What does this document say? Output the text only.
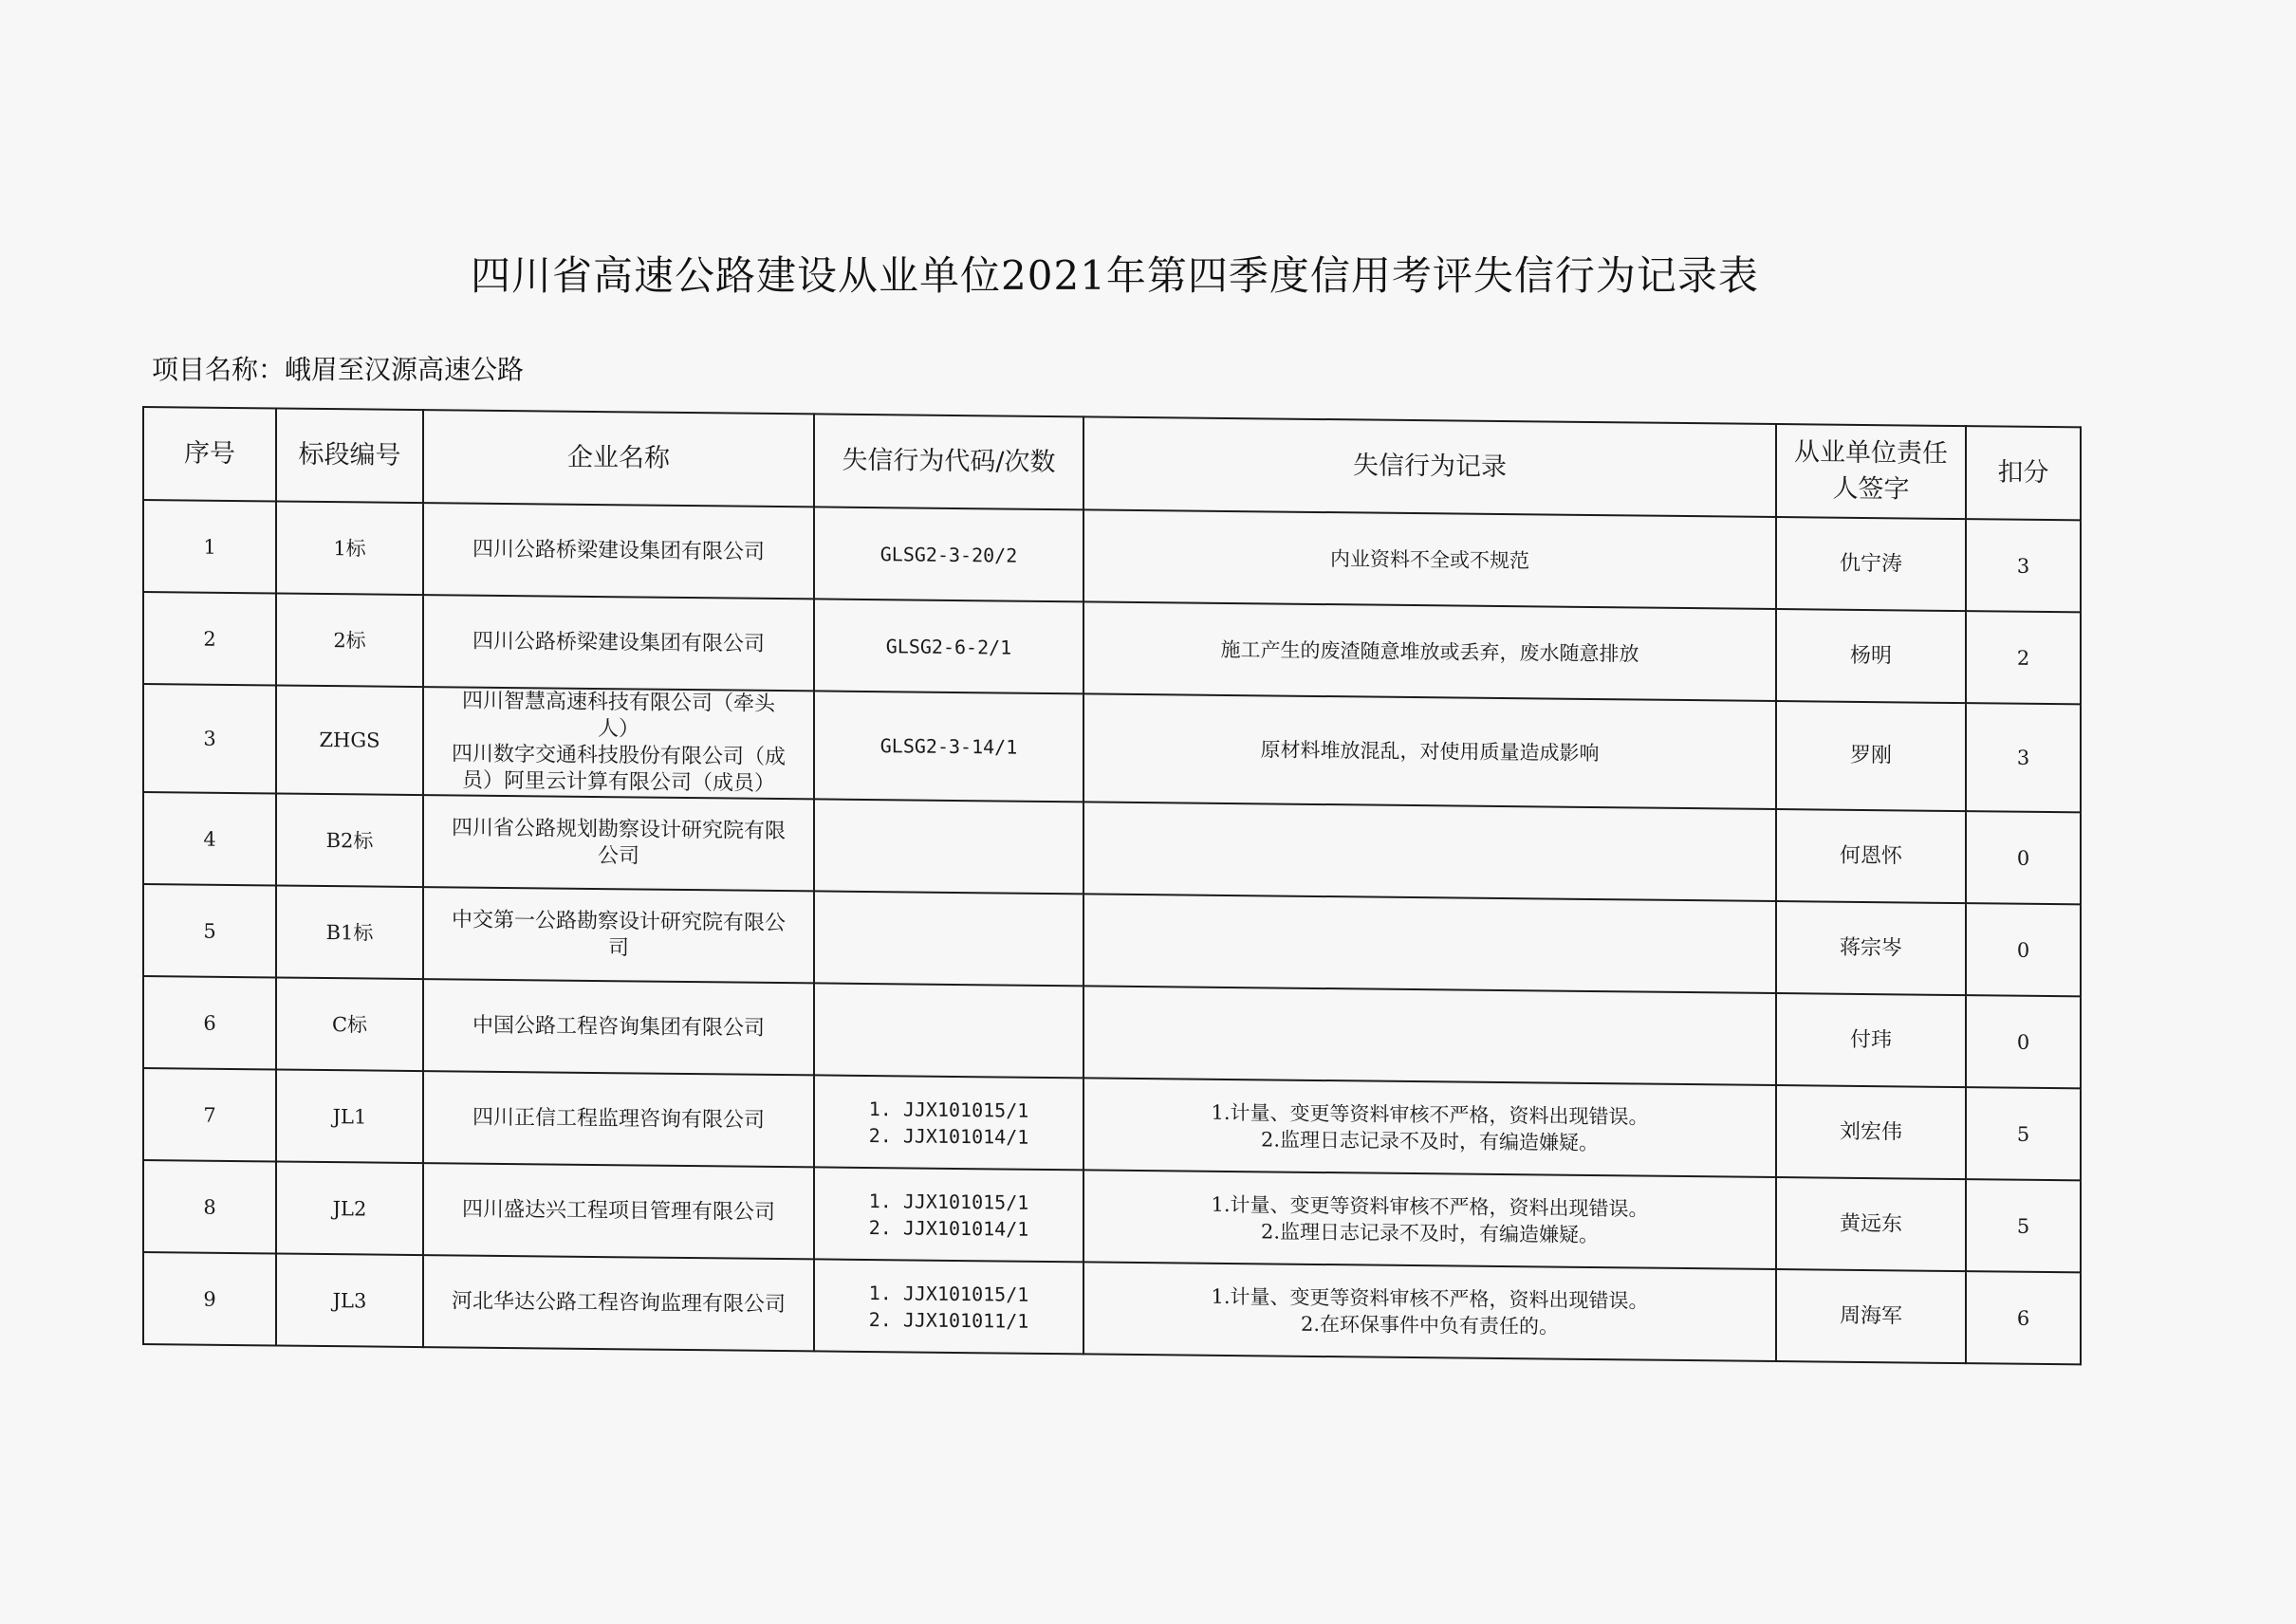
四川省高速公路建设从业单位2021年第四季度信用考评失信行为记录表
项目名称：峨眉至汉源高速公路
序号	标段编号	企业名称	失信行为代码/次数	失信行为记录	从业单位责任
人签字	扣分
1	1标	四川公路桥梁建设集团有限公司	GLSG2-3-20/2	内业资料不全或不规范	仇宁涛	3
2	2标	四川公路桥梁建设集团有限公司	GLSG2-6-2/1	施工产生的废渣随意堆放或丢弃，废水随意排放	杨明	2
3	ZHGS	四川智慧高速科技有限公司（牵头
人）
四川数字交通科技股份有限公司（成
员）阿里云计算有限公司（成员）	GLSG2-3-14/1	原材料堆放混乱，对使用质量造成影响	罗刚	3
4	B2标	四川省公路规划勘察设计研究院有限
公司			何恩怀	0
5	B1标	中交第一公路勘察设计研究院有限公
司			蒋宗岑	0
6	C标	中国公路工程咨询集团有限公司			付玮	0
7	JL1	四川正信工程监理咨询有限公司	1. JJX101015/1
2. JJX101014/1	1.计量、变更等资料审核不严格，资料出现错误。
2.监理日志记录不及时，有编造嫌疑。	刘宏伟	5
8	JL2	四川盛达兴工程项目管理有限公司	1. JJX101015/1
2. JJX101014/1	1.计量、变更等资料审核不严格，资料出现错误。
2.监理日志记录不及时，有编造嫌疑。	黄远东	5
9	JL3	河北华达公路工程咨询监理有限公司	1. JJX101015/1
2. JJX101011/1	1.计量、变更等资料审核不严格，资料出现错误。
2.在环保事件中负有责任的。	周海军	6
